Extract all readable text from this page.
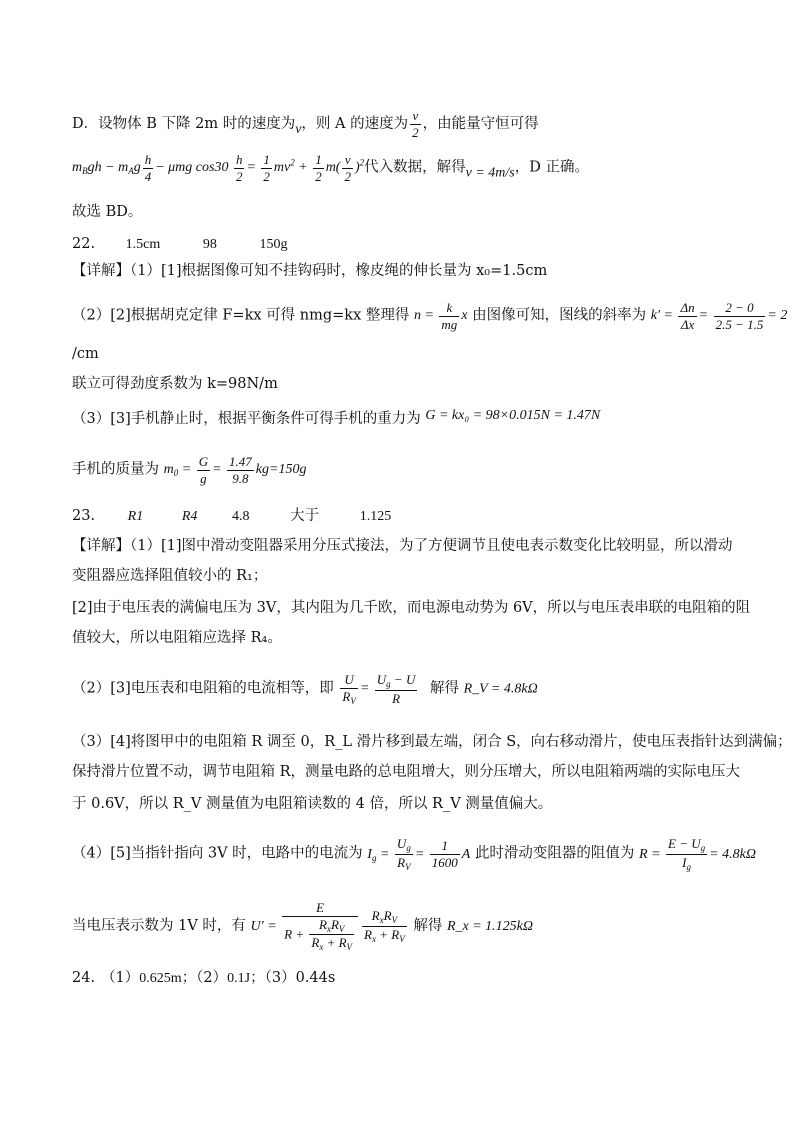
D．设物体 B 下降 2m 时的速度为v，则 A 的速度为 $\frac{v}{2}$ ，由能量守恒可得
$m_Bgh - m_Ag \frac{h}{4} - \mu mg$ $\cos 30 \frac{h}{2} = \frac{1}{2} mv^2 + \frac{1}{2} m( \frac{v}{2} )^2$代入数据，解得v = 4m/s，D 正确。
故选 BD。
22. 1.5cm	98	150g
【详解】（1）[1]根据图像可知不挂钩码时，橡皮绳的伸长量为 x₀=1.5cm
（2）[2]根据胡克定律 F=kx 可得 nmg=kx 整理得 $n = \frac{k}{mg}$ x 由图像可知，图线的斜率为 $k' = \frac{\Delta n}{\Delta x} = \frac{2 - 0}{2.5 - 1.5} = 2$
/cm
联立可得劲度系数为 k=98N/m
（3）[3]手机静止时，根据平衡条件可得手机的重力为 G = kx₀ = 98×0.015N = 1.47N
手机的质量为 $m_0 = \frac{G}{g} = \frac{1.47}{9.8} kg=150g$
23. R1	R4 4.8	大于	1.125
【详解】（1）[1]图中滑动变阻器采用分压式接法，为了方便调节且使电表示数变化比较明显，所以滑动
变阻器应选择阻值较小的 R₁；
[2]由于电压表的满偏电压为 3V，其内阻为几千欧，而电源电动势为 6V，所以与电压表串联的电阻箱的阻
值较大，所以电阻箱应选择 R₄。
（2）[3]电压表和电阻箱的电流相等，即 $\frac{U}{R_V} = \frac{U_g - U}{R}$ 解得 R_V = 4.8kΩ
（3）[4]将图甲中的电阻箱 R 调至 0，R_L 滑片移到最左端，闭合 S，向右移动滑片，使电压表指针达到满偏；
保持滑片位置不动，调节电阻箱 R，测量电路的总电阻增大，则分压增大，所以电阻箱两端的实际电压大
于 0.6V，所以 R_V 测量值为电阻箱读数的 4 倍，所以 R_V 测量值偏大。
（4）[5]当指针指向 3V 时，电路中的电流为 $I_g = \frac{U_g}{R_V} = \frac{1}{1600}$ A 此时滑动变阻器的阻值为 $R = \frac{E - U_g}{I_g} = 4.8k\Omega$
当电压表示数为 1V 时，有 $U' = \frac{E}{R + \frac{R_xR_V}{R_x + R_V}} \frac{R_xR_V}{R_x + R_V}$ 解得 R_x = 1.125kΩ
24. （1）0.625m；（2）0.1J；（3）0.44s
